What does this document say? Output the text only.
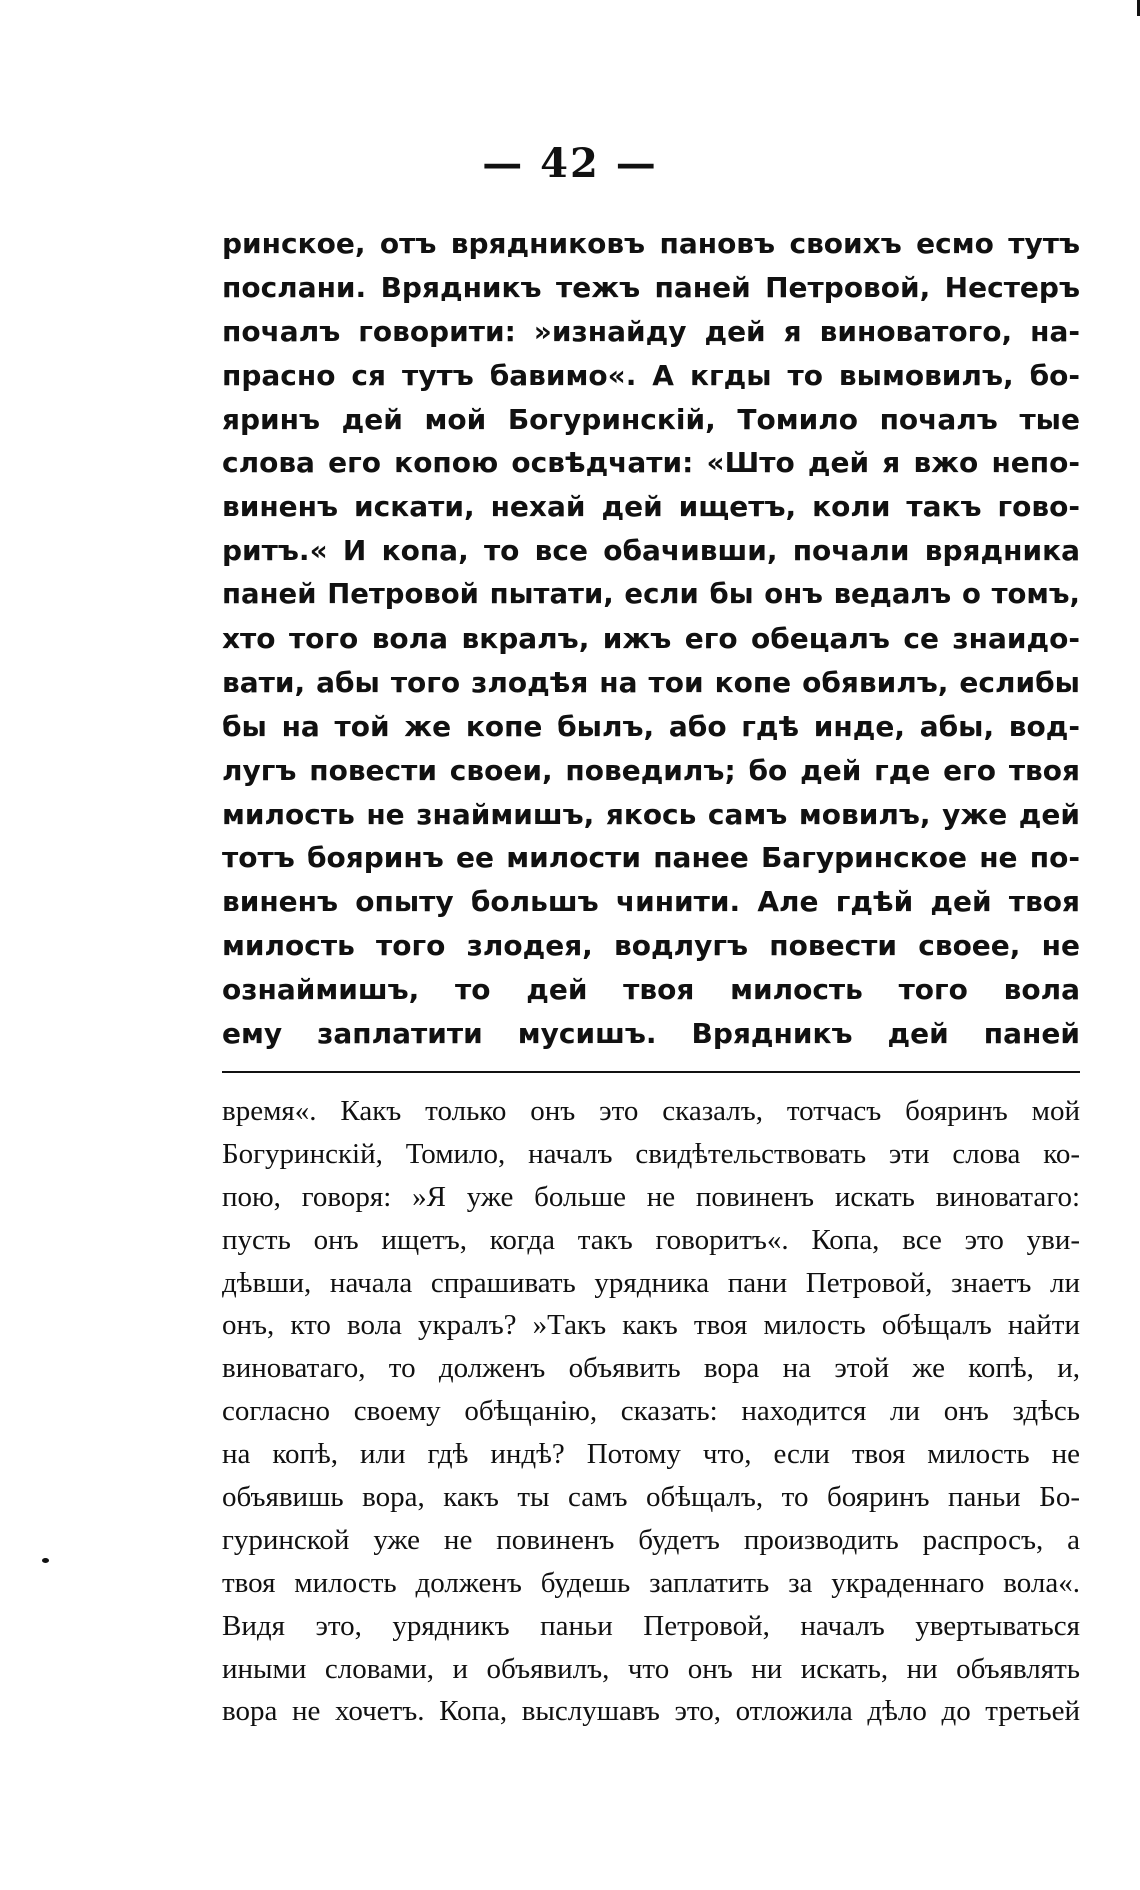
— 42 —
ринское, отъ врядниковъ пановъ своихъ есмо тутъ
послани. Врядникъ тежъ паней Петровой, Нестеръ
почалъ говорити: »изнайду дей я виноватого, на-
прасно ся тутъ бавимо«. А кгды то вымовилъ, бо-
яринъ дей мой Богуринскій, Томило почалъ тые
слова его копою освѣдчати: «Што дей я вжо непо-
виненъ искати, нехай дей ищетъ, коли такъ гово-
ритъ.« И копа, то все обачивши, почали врядника
паней Петровой пытати, если бы онъ ведалъ о томъ,
хто того вола вкралъ, ижъ его обецалъ се знаидо-
вати, абы того злодѣя на тои копе обявилъ, еслибы
бы на той же копе былъ, або гдѣ инде, абы, вод-
лугъ повести своеи, поведилъ; бо дей где его твоя
милость не знаймишъ, якось самъ мовилъ, уже дей
тотъ бояринъ ее милости панее Багуринское не по-
виненъ опыту большъ чинити. Але гдѣй дей твоя
милость того злодея, водлугъ повести своее, не
ознаймишъ, то дей твоя милость того вола
ему заплатити мусишъ. Врядникъ дей паней
время«. Какъ только онъ это сказалъ, тотчасъ бояринъ мой
Богуринскій, Томило, началъ свидѣтельствовать эти слова ко-
пою, говоря: »Я уже больше не повиненъ искать виноватаго:
пусть онъ ищетъ, когда такъ говоритъ«. Копа, все это уви-
дѣвши, начала спрашивать урядника пани Петровой, знаетъ ли
онъ, кто вола укралъ? »Такъ какъ твоя милость обѣщалъ найти
виноватаго, то долженъ объявить вора на этой же копѣ, и,
согласно своему обѣщанію, сказать: находится ли онъ здѣсь
на копѣ, или гдѣ индѣ? Потому что, если твоя милость не
объявишь вора, какъ ты самъ обѣщалъ, то бояринъ паньи Бо-
гуринской уже не повиненъ будетъ производить распросъ, а
твоя милость долженъ будешь заплатить за украденнаго вола«.
Видя это, урядникъ паньи Петровой, началъ увертываться
иными словами, и объявилъ, что онъ ни искать, ни объявлять
вора не хочетъ. Копа, выслушавъ это, отложила дѣло до третьей
